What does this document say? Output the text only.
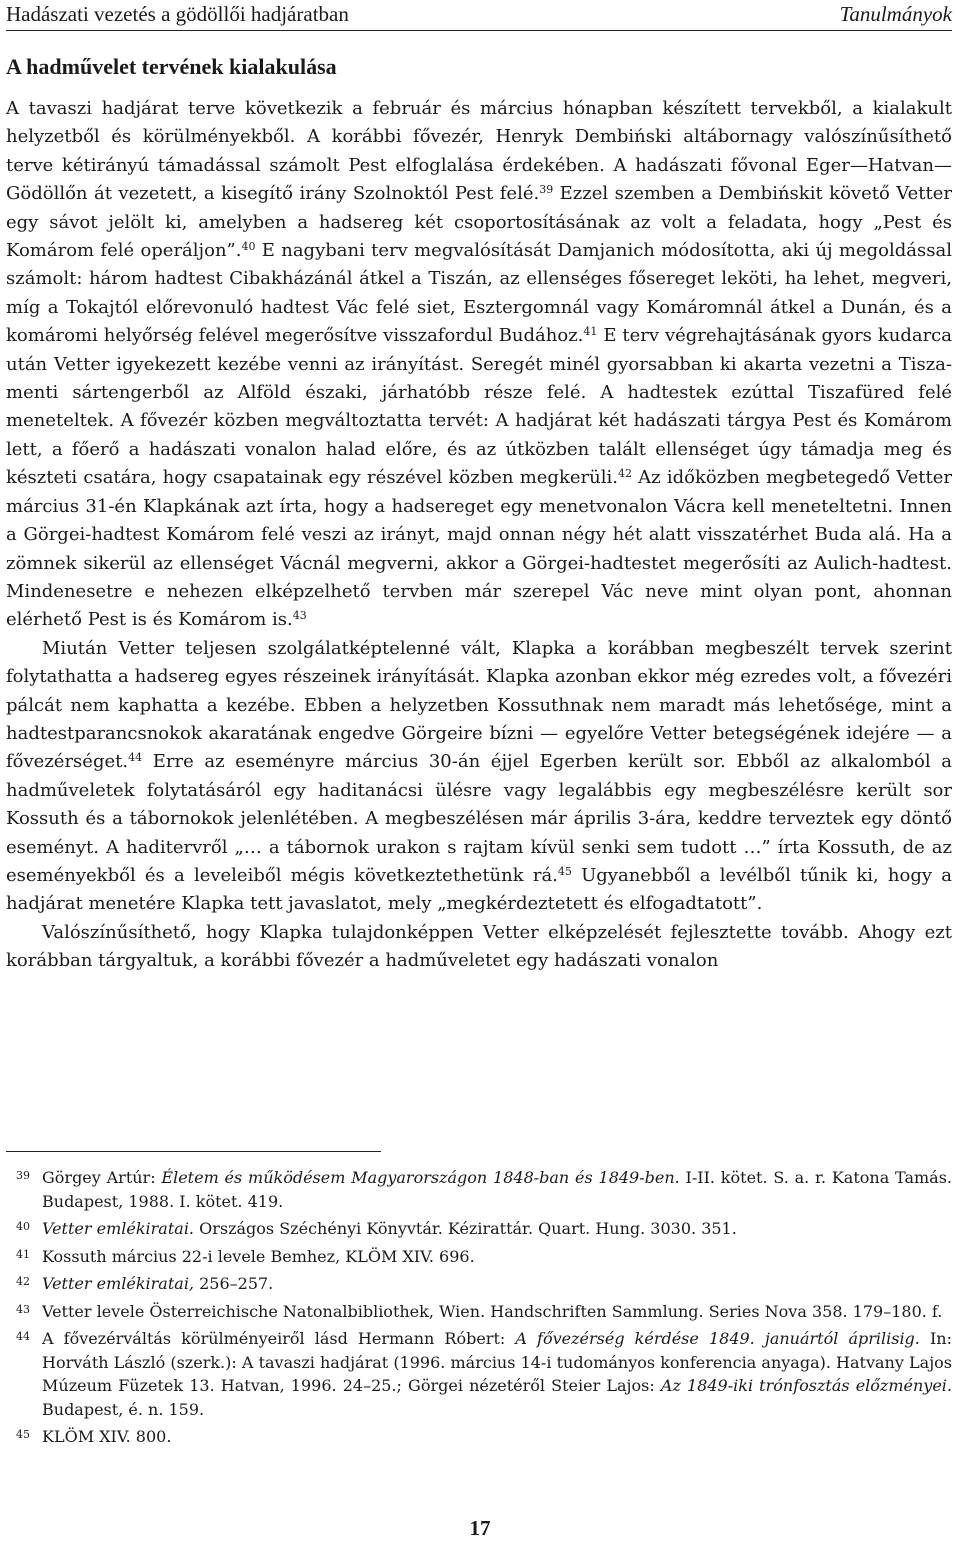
Hadászati vezetés a gödöllői hadjáratban	Tanulmányok
A hadművelet tervének kialakulása

A tavaszi hadjárat terve következik a február és március hónapban készített tervekből, a kialakult helyzetből és körülményekből. A korábbi fővezér, Henryk Dembiński altábornagy valószínűsíthető terve kétirányú támadással számolt Pest elfoglalása érdekében. A hadászati fővonal Eger—Hatvan—Gödöllőn át vezetett, a kisegítő irány Szolnoktól Pest felé.$^{39}$ Ezzel szemben a Dembińskit követő Vetter egy sávot jelölt ki, amelyben a hadsereg két csoportosításának az volt a feladata, hogy „Pest és Komárom felé operáljon”.$^{40}$ E nagybani terv megvalósítását Damjanich módosította, aki új megoldással számolt: három hadtest Cibakházánál átkel a Tiszán, az ellenséges fősereget leköti, ha lehet, megveri, míg a Tokajtól előrevonuló hadtest Vác felé siet, Esztergomnál vagy Komáromnál átkel a Dunán, és a komáromi helyőrség felével megerősítve visszafordul Budához.$^{41}$ E terv végrehajtásának gyors kudarca után Vetter igyekezett kezébe venni az irányítást. Seregét minél gyorsabban ki akarta vezetni a Tisza-menti sártengerből az Alföld északi, járhatóbb része felé. A hadtestek ezúttal Tiszafüred felé meneteltek. A fővezér közben megváltoztatta tervét: A hadjárat két hadászati tárgya Pest és Komárom lett, a főerő a hadászati vonalon halad előre, és az útközben talált ellenséget úgy támadja meg és készteti csatára, hogy csapatainak egy részével közben megkerüli.$^{42}$ Az időközben megbetegedő Vetter március 31-én Klapkának azt írta, hogy a hadsereget egy menetvonalon Vácra kell meneteltetni. Innen a Görgei-hadtest Komárom felé veszi az irányt, majd onnan négy hét alatt visszatérhet Buda alá. Ha a zömnek sikerül az ellenséget Vácnál megverni, akkor a Görgei-hadtestet megerősíti az Aulich-hadtest. Mindenesetre e nehezen elképzelhető tervben már szerepel Vác neve mint olyan pont, ahonnan elérhető Pest is és Komárom is.$^{43}$

Miután Vetter teljesen szolgálatképtelenné vált, Klapka a korábban megbeszélt tervek szerint folytathatta a hadsereg egyes részeinek irányítását. Klapka azonban ekkor még ezredes volt, a fővezéri pálcát nem kaphatta a kezébe. Ebben a helyzetben Kossuthnak nem maradt más lehetősége, mint a hadtestparancsnokok akaratának engedve Görgeire bízni — egyelőre Vetter betegségének idejére — a fővezérséget.$^{44}$ Erre az eseményre március 30-án éjjel Egerben került sor. Ebből az alkalomból a hadműveletek folytatásáról egy haditanácsi ülésre vagy legalábbis egy megbeszélésre került sor Kossuth és a tábornokok jelenlétében. A megbeszélésen már április 3-ára, keddre terveztek egy döntő eseményt. A haditervről „… a tábornok urakon s rajtam kívül senki sem tudott …” írta Kossuth, de az eseményekből és a leveleiből mégis következtethetünk rá.$^{45}$ Ugyanebből a levélből tűnik ki, hogy a hadjárat menetére Klapka tett javaslatot, mely „megkérdeztetett és elfogadtatott”.

Valószínűsíthető, hogy Klapka tulajdonképpen Vetter elképzelését fejlesztette tovább. Ahogy ezt korábban tárgyaltuk, a korábbi fővezér a hadműveletet egy hadászati vonalon

39 Görgey Artúr: Életem és működésem Magyarországon 1848-ban és 1849-ben. I-II. kötet. S. a. r. Katona Tamás. Budapest, 1988. I. kötet. 419.
40 Vetter emlékiratai. Országos Széchényi Könyvtár. Kézirattár. Quart. Hung. 3030. 351.
41 Kossuth március 22-i levele Bemhez, KLÖM XIV. 696.
42 Vetter emlékiratai, 256–257.
43 Vetter levele Österreichische Natonalbibliothek, Wien. Handschriften Sammlung. Series Nova 358. 179–180. f.
44 A fővezérváltás körülményeiről lásd Hermann Róbert: A fővezérség kérdése 1849. januártól áprilisig. In: Horváth László (szerk.): A tavaszi hadjárat (1996. március 14-i tudományos konferencia anyaga). Hatvany Lajos Múzeum Füzetek 13. Hatvan, 1996. 24–25.; Görgei nézetéről Steier Lajos: Az 1849-iki trónfosztás előzményei. Budapest, é. n. 159.
45 KLÖM XIV. 800.
17
